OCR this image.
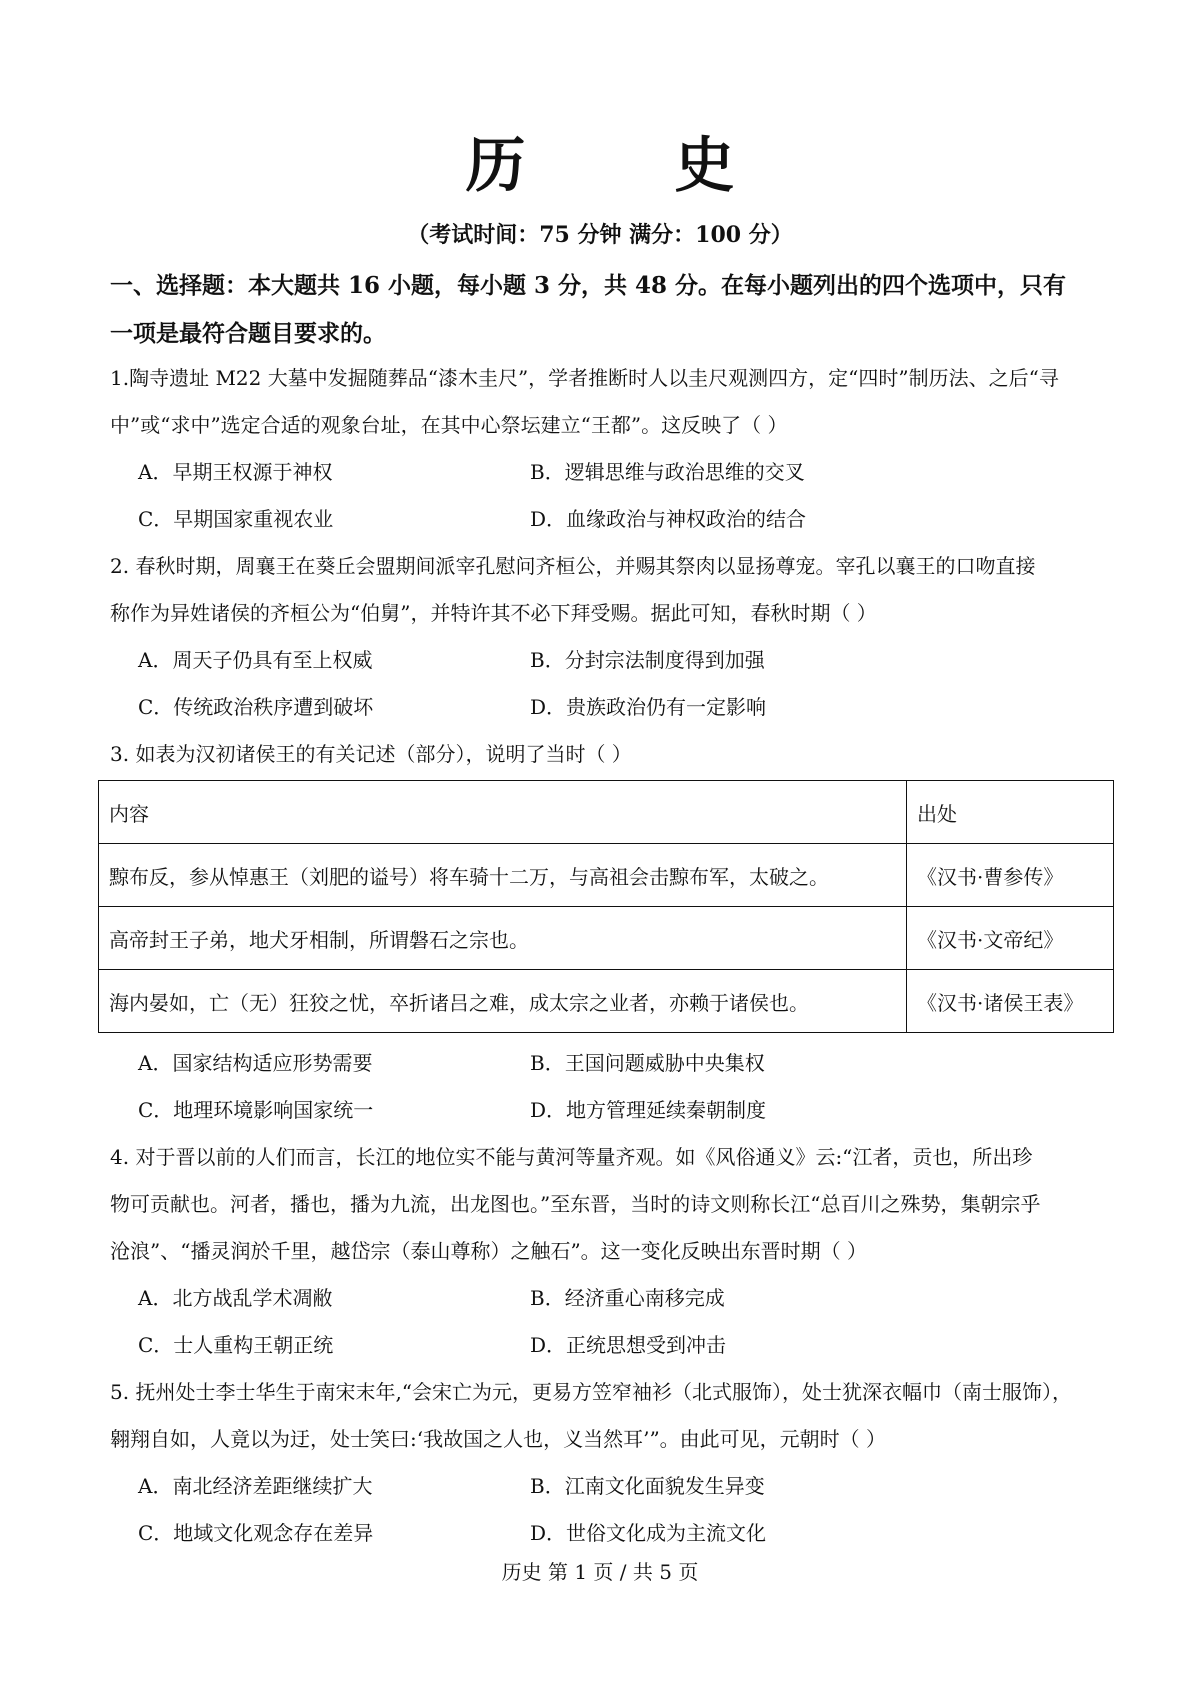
历 史
（考试时间：75 分钟 满分：100 分）
一、选择题：本大题共 16 小题，每小题 3 分，共 48 分。在每小题列出的四个选项中，只有
一项是最符合题目要求的。
1.陶寺遗址 M22 大墓中发掘随葬品“漆木圭尺”，学者推断时人以圭尺观测四方，定“四时”制历法、之后“寻
中”或“求中”选定合适的观象台址，在其中心祭坛建立“王都”。这反映了（ ）
A．早期王权源于神权	B．逻辑思维与政治思维的交叉
C．早期国家重视农业	D．血缘政治与神权政治的结合
2. 春秋时期，周襄王在葵丘会盟期间派宰孔慰问齐桓公，并赐其祭肉以显扬尊宠。宰孔以襄王的口吻直接
称作为异姓诸侯的齐桓公为“伯舅”，并特许其不必下拜受赐。据此可知，春秋时期（ ）
A．周天子仍具有至上权威	B．分封宗法制度得到加强
C．传统政治秩序遭到破坏	D．贵族政治仍有一定影响
3. 如表为汉初诸侯王的有关记述（部分），说明了当时（ ）
内容	出处
黥布反，参从悼惠王（刘肥的谥号）将车骑十二万，与高祖会击黥布军，太破之。	《汉书·曹参传》
高帝封王子弟，地犬牙相制，所谓磐石之宗也。	《汉书·文帝纪》
海内晏如，亡（无）狂狡之忧，卒折诸吕之难，成太宗之业者，亦赖于诸侯也。	《汉书·诸侯王表》
A．国家结构适应形势需要	B．王国问题威胁中央集权
C．地理环境影响国家统一	D．地方管理延续秦朝制度
4. 对于晋以前的人们而言，长江的地位实不能与黄河等量齐观。如《风俗通义》云:“江者，贡也，所出珍
物可贡献也。河者，播也，播为九流，出龙图也。”至东晋，当时的诗文则称长江“总百川之殊势，集朝宗乎
沧浪”、“播灵润於千里，越岱宗（泰山尊称）之触石”。这一变化反映出东晋时期（ ）
A．北方战乱学术凋敝	B．经济重心南移完成
C．士人重构王朝正统	D．正统思想受到冲击
5. 抚州处士李士华生于南宋末年,“会宋亡为元，更易方笠窄袖衫（北式服饰），处士犹深衣幅巾（南士服饰），
翱翔自如，人竟以为迂，处士笑曰:‘我故国之人也，义当然耳’”。由此可见，元朝时（ ）
A．南北经济差距继续扩大	B．江南文化面貌发生异变
C．地域文化观念存在差异	D．世俗文化成为主流文化
历史 第 1 页 / 共 5 页
